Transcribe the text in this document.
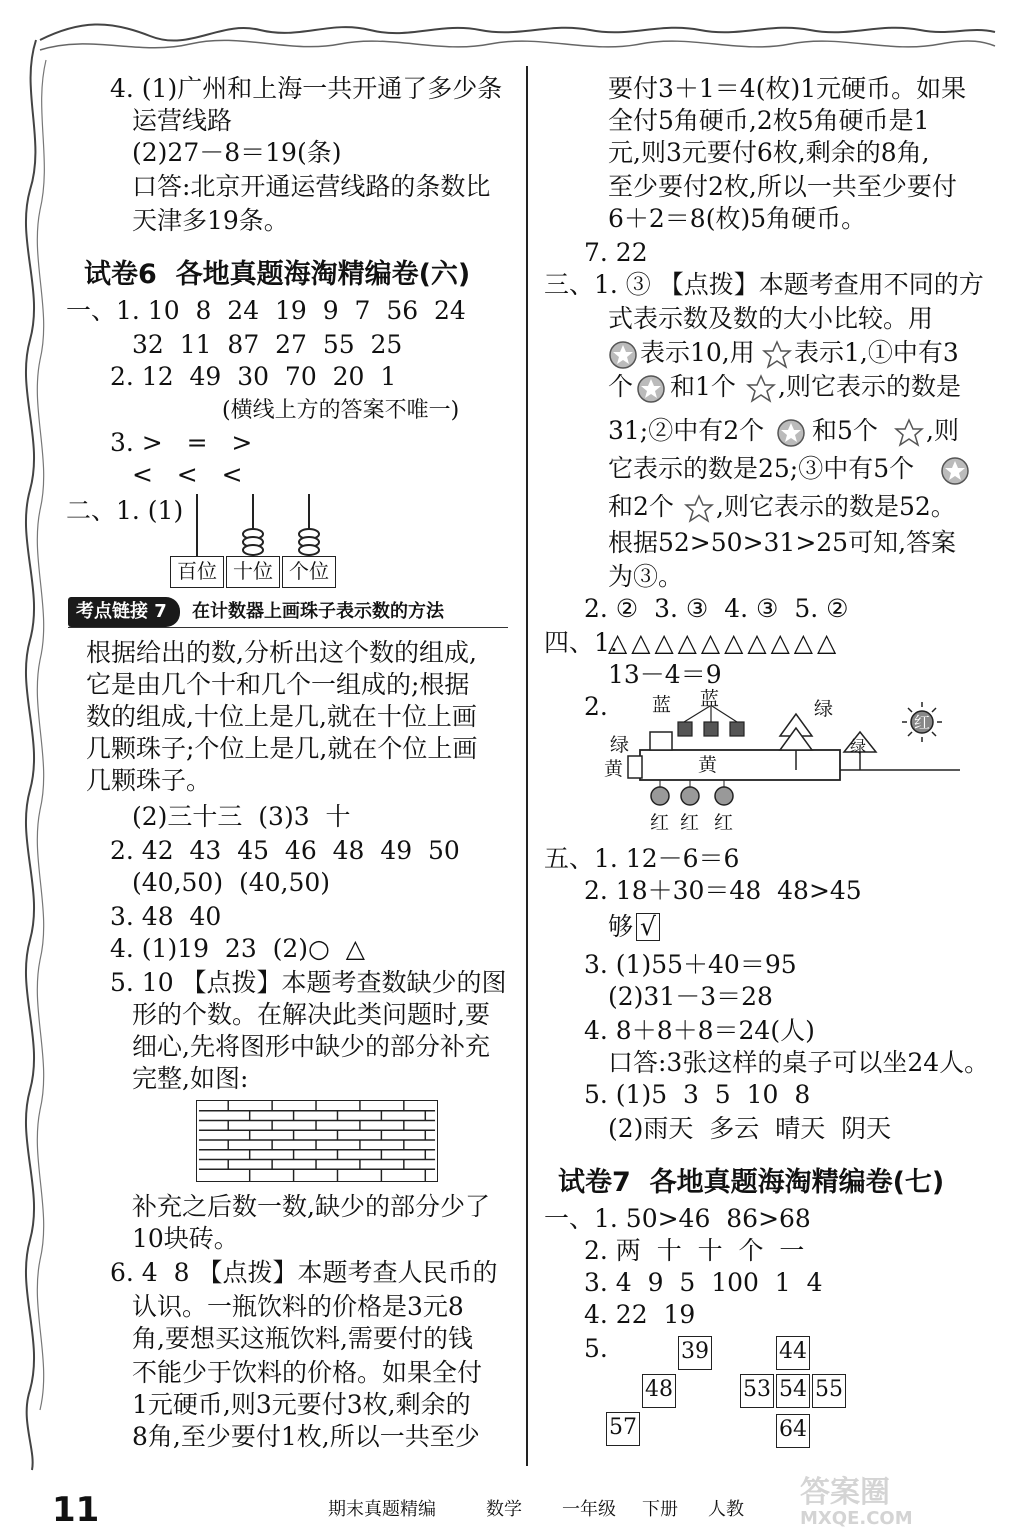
4. (1)广州和上海一共开通了多少条
运营线路
(2)27－8＝19(条)
口答:北京开通运营线路的条数比
天津多19条。
试卷6  各地真题海淘精编卷(六)
一、1. 10  8  24  19  9  7  56  24
32  11  87  27  55  25
2. 12  49  30  70  20  1
(横线上方的答案不唯一)
3. >   =   >
<   <   <
二、1. (1)
百位 十位 个位
考点链接 7	在计数器上画珠子表示数的方法
根据给出的数,分析出这个数的组成,
它是由几个十和几个一组成的;根据
数的组成,十位上是几,就在十位上画
几颗珠子;个位上是几,就在个位上画
几颗珠子。
(2)三十三  (3)3  十
2. 42  43  45  46  48  49  50
(40,50)  (40,50)
3. 48  40
4. (1)19  23  (2)○  △
5. 10 【点拨】本题考查数缺少的图
形的个数。在解决此类问题时,要
细心,先将图形中缺少的部分补充
完整,如图:
补充之后数一数,缺少的部分少了
10块砖。
6. 4  8 【点拨】本题考查人民币的
认识。一瓶饮料的价格是3元8
角,要想买这瓶饮料,需要付的钱
不能少于饮料的价格。如果全付
1元硬币,则3元要付3枚,剩余的
8角,至少要付1枚,所以一共至少
要付3＋1＝4(枚)1元硬币。如果
全付5角硬币,2枚5角硬币是1
元,则3元要付6枚,剩余的8角,
至少要付2枚,所以一共至少要付
6＋2＝8(枚)5角硬币。
7. 22
三、1. ③ 【点拨】本题考查用不同的方
式表示数及数的大小比较。用
表示10,用 表示1,①中有3
个 和1个 ,则它表示的数是
31;②中有2个 和5个 ,则
它表示的数是25;③中有5个
和2个 ,则它表示的数是52。
根据52>50>31>25可知,答案
为③。
2. ②  3. ③  4. ③  5. ②
四、1.
△△△△△△△△△△
13－4＝9
2. 蓝 蓝
绿
黄	黄
绿
绿
红
红 红 红
五、1. 12－6＝6
2. 18＋30＝48  48>45
够 √
3. (1)55＋40＝95
(2)31－3＝28
4. 8＋8＋8＝24(人)
口答:3张这样的桌子可以坐24人。
5. (1)5  3  5  10  8
(2)雨天  多云  晴天  阴天
试卷7  各地真题海淘精编卷(七)
一、1. 50>46  86>68
2. 两  十  十  个  一
3. 4  9  5  100  1  4
4. 22  19
5.	39	44
48	53 54 55
57	64
11	期末真题精编	数学 一年级 下册 人教 答案圈
MXQE.COM
